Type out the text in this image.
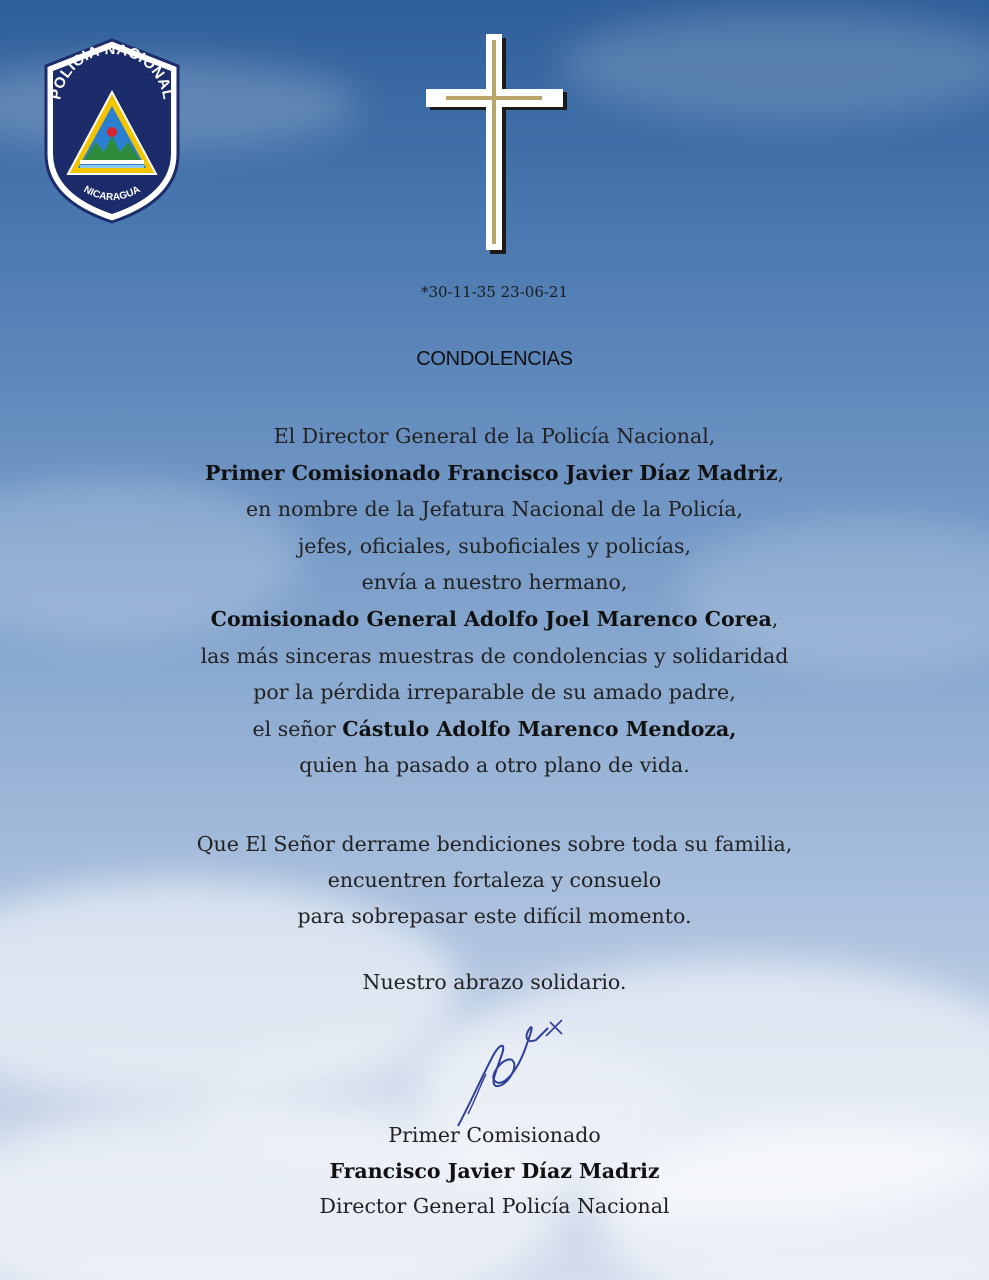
POLICIA NACIONAL
NICARAGUA
*30-11-35 23-06-21
CONDOLENCIAS
El Director General de la Policía Nacional,
Primer Comisionado Francisco Javier Díaz Madriz,
en nombre de la Jefatura Nacional de la Policía,
jefes, oficiales, suboficiales y policías,
envía a nuestro hermano,
Comisionado General Adolfo Joel Marenco Corea,
las más sinceras muestras de condolencias y solidaridad
por la pérdida irreparable de su amado padre,
el señor Cástulo Adolfo Marenco Mendoza,
quien ha pasado a otro plano de vida.
Que El Señor derrame bendiciones sobre toda su familia,
encuentren fortaleza y consuelo
para sobrepasar este difícil momento.
Nuestro abrazo solidario.
Primer Comisionado
Francisco Javier Díaz Madriz
Director General Policía Nacional
